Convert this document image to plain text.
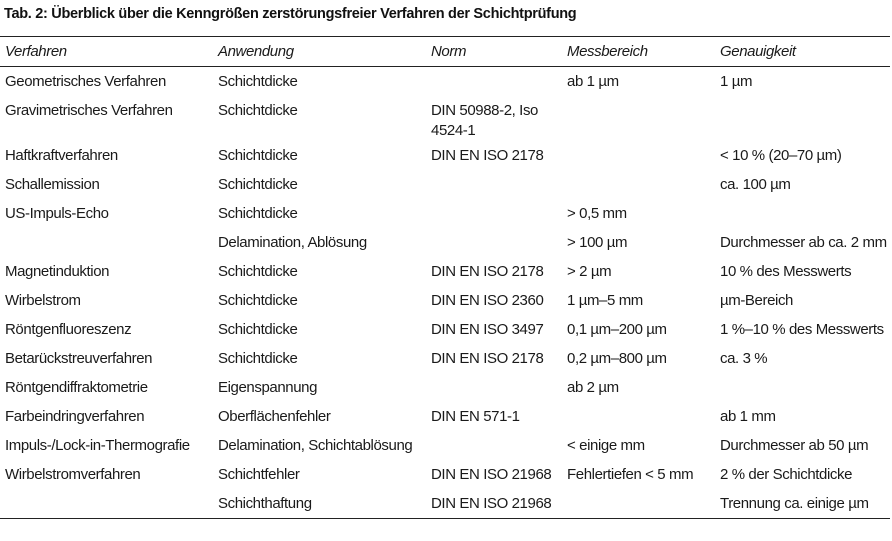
Tab. 2: Überblick über die Kenngrößen zerstörungsfreier Verfahren der Schichtprüfung
Verfahren	Anwendung	Norm	Messbereich	Genauigkeit
Geometrisches Verfahren	Schichtdicke		ab 1 µm	1 µm
Gravimetrisches Verfahren	Schichtdicke	DIN 50988-2, Iso 4524-1		
Haftkraftverfahren	Schichtdicke	DIN EN ISO 2178		< 10 % (20–70 µm)
Schallemission	Schichtdicke			ca. 100 µm
US-Impuls-Echo	Schichtdicke		> 0,5 mm	
	Delamination, Ablösung		> 100 µm	Durchmesser ab ca. 2 mm
Magnetinduktion	Schichtdicke	DIN EN ISO 2178	> 2 µm	10 % des Messwerts
Wirbelstrom	Schichtdicke	DIN EN ISO 2360	1 µm–5 mm	µm-Bereich
Röntgenfluoreszenz	Schichtdicke	DIN EN ISO 3497	0,1 µm–200 µm	1 %–10 % des Messwerts
Betarückstreuverfahren	Schichtdicke	DIN EN ISO 2178	0,2 µm–800 µm	ca. 3 %
Röntgendiffraktometrie	Eigenspannung		ab 2 µm	
Farbeindringverfahren	Oberflächenfehler	DIN EN 571-1		ab 1 mm
Impuls-/Lock-in-Thermografie	Delamination, Schichtablösung		< einige mm	Durchmesser ab 50 µm
Wirbelstromverfahren	Schichtfehler	DIN EN ISO 21968	Fehlertiefen < 5 mm	2 % der Schichtdicke
	Schichthaftung	DIN EN ISO 21968		Trennung ca. einige µm
